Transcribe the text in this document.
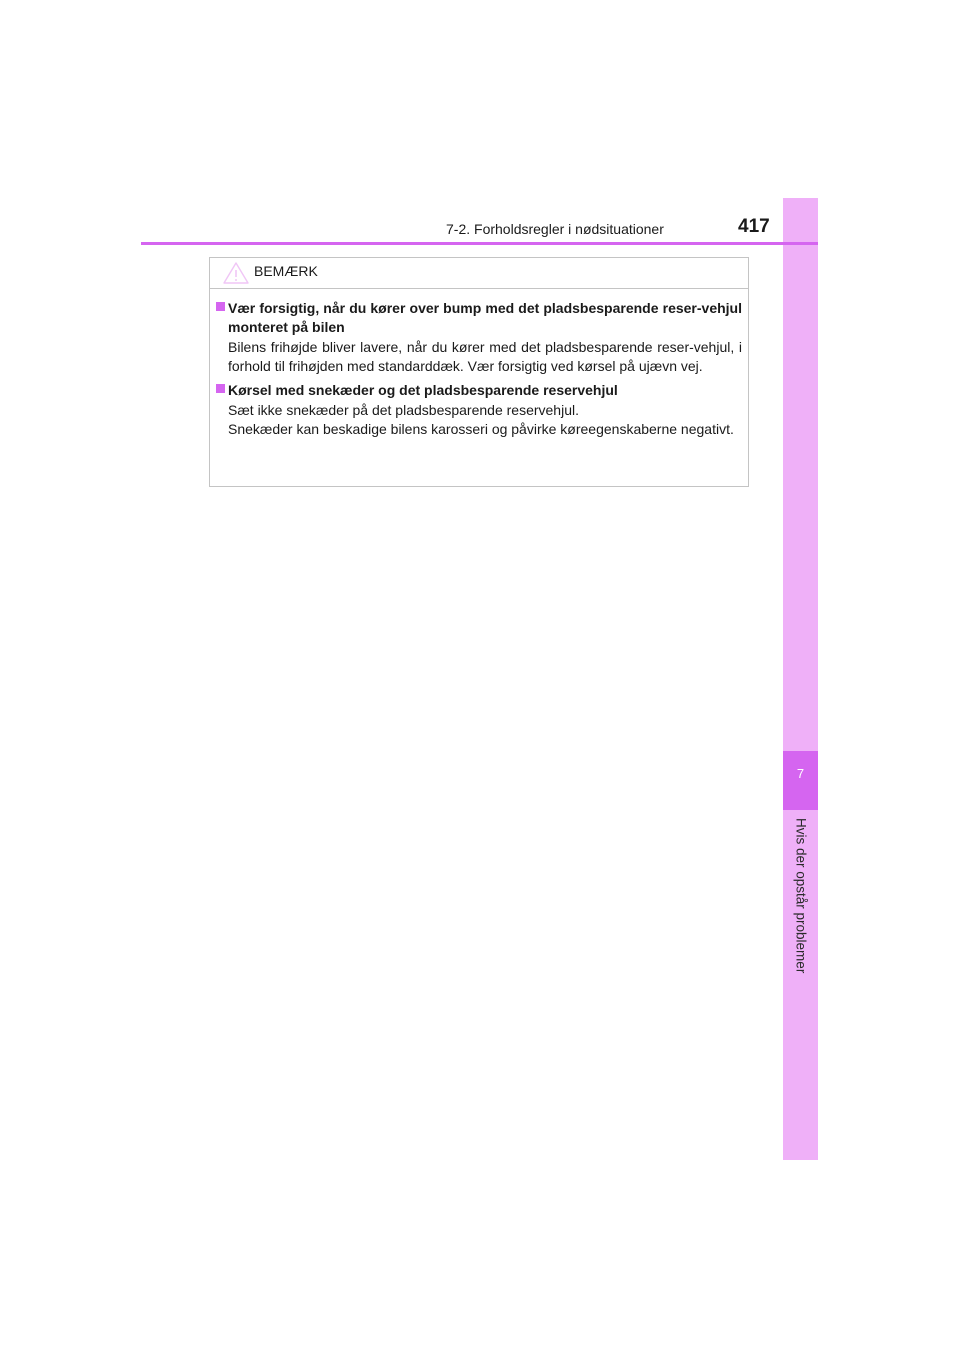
7
Hvis der opstår problemer
7-2. Forholdsregler i nødsituationer	417
BEMÆRK
Vær forsigtig, når du kører over bump med det pladsbesparende reser-vehjul monteret på bilen

Bilens frihøjde bliver lavere, når du kører med det pladsbesparende reser-vehjul, i forhold til frihøjden med standarddæk. Vær forsigtig ved kørsel på ujævn vej.

Kørsel med snekæder og det pladsbesparende reservehjul

Sæt ikke snekæder på det pladsbesparende reservehjul.

Snekæder kan beskadige bilens karosseri og påvirke køreegenskaberne negativt.
